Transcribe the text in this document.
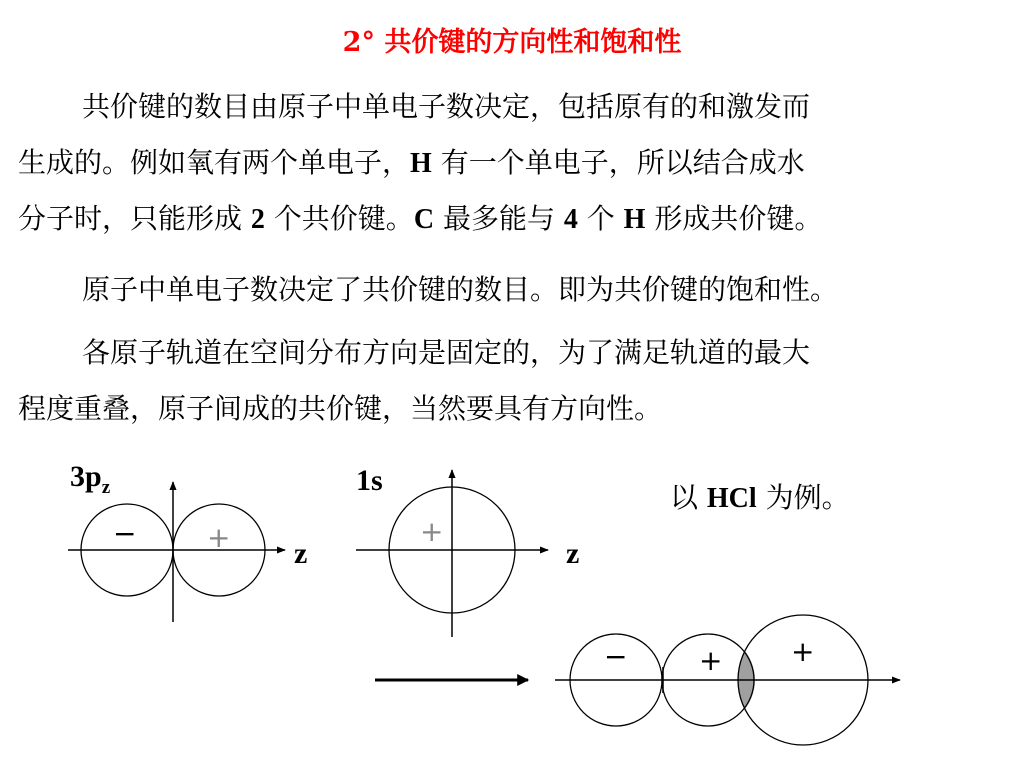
2° 共价键的方向性和饱和性
共价键的数目由原子中单电子数决定，包括原有的和激发而
生成的。例如氧有两个单电子，H 有一个单电子，所以结合成水
分子时，只能形成 2 个共价键。C 最多能与 4 个 H 形成共价键。
原子中单电子数决定了共价键的数目。即为共价键的饱和性。
各原子轨道在空间分布方向是固定的，为了满足轨道的最大
程度重叠，原子间成的共价键，当然要具有方向性。
$3p_z$
−	+ z
1s
+
z
以 HCl 为例。
−	+ +
